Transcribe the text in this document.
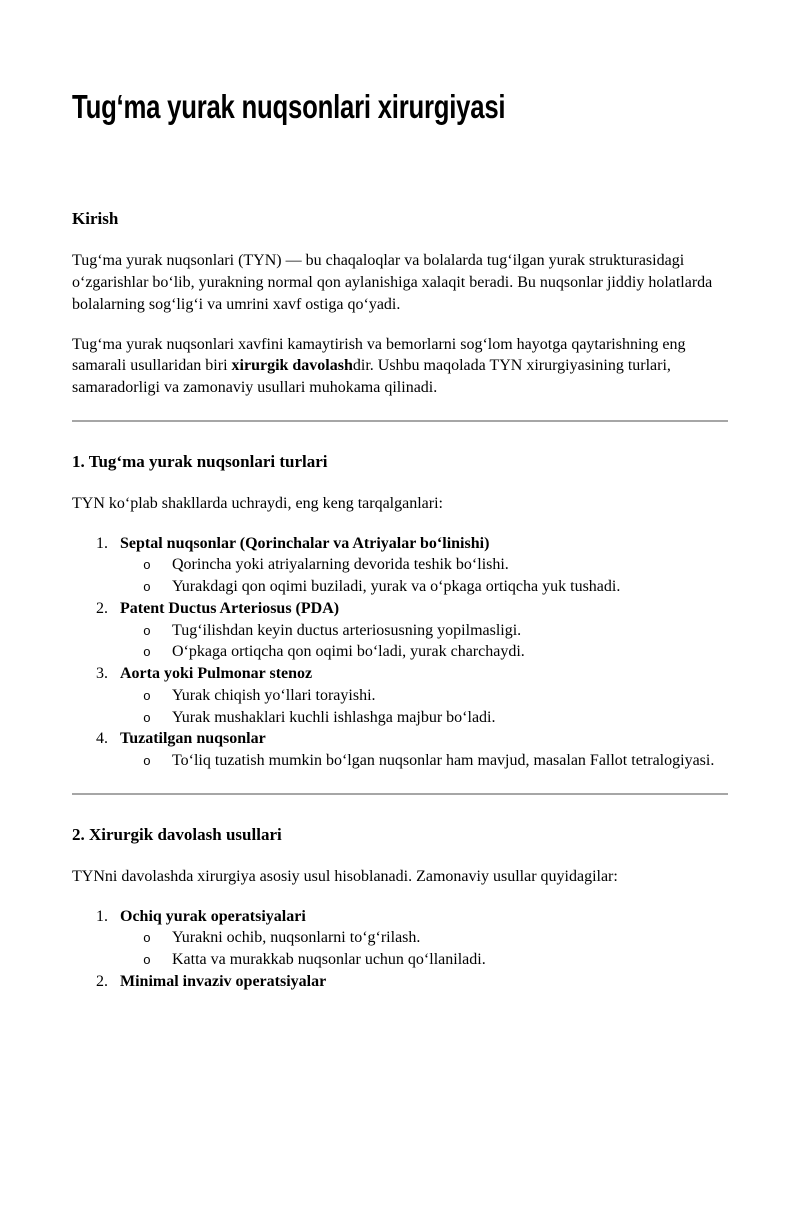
Tugʻma yurak nuqsonlari xirurgiyasi
Kirish

Tugʻma yurak nuqsonlari (TYN) — bu chaqaloqlar va bolalarda tugʻilgan yurak strukturasidagi oʻzgarishlar boʻlib, yurakning normal qon aylanishiga xalaqit beradi. Bu nuqsonlar jiddiy holatlarda bolalarning sogʻligʻi va umrini xavf ostiga qoʻyadi.

Tugʻma yurak nuqsonlari xavfini kamaytirish va bemorlarni sogʻlom hayotga qaytarishning eng samarali usullaridan biri xirurgik davolashdir. Ushbu maqolada TYN xirurgiyasining turlari, samaradorligi va zamonaviy usullari muhokama qilinadi.

1. Tugʻma yurak nuqsonlari turlari

TYN koʻplab shakllarda uchraydi, eng keng tarqalganlari:

1. Septal nuqsonlar (Qorinchalar va Atriyalar boʻlinishi)
o Qorincha yoki atriyalarning devorida teshik boʻlishi.
o Yurakdagi qon oqimi buziladi, yurak va oʻpkaga ortiqcha yuk tushadi.
2. Patent Ductus Arteriosus (PDA)
o Tugʻilishdan keyin ductus arteriosusning yopilmasligi.
o Oʻpkaga ortiqcha qon oqimi boʻladi, yurak charchaydi.
3. Aorta yoki Pulmonar stenoz
o Yurak chiqish yoʻllari torayishi.
o Yurak mushaklari kuchli ishlashga majbur boʻladi.
4. Tuzatilgan nuqsonlar
o Toʻliq tuzatish mumkin boʻlgan nuqsonlar ham mavjud, masalan Fallot tetralogiyasi.
2. Xirurgik davolash usullari

TYNni davolashda xirurgiya asosiy usul hisoblanadi. Zamonaviy usullar quyidagilar:

1. Ochiq yurak operatsiyalari
o Yurakni ochib, nuqsonlarni toʻgʻrilash.
o Katta va murakkab nuqsonlar uchun qoʻllaniladi.
2. Minimal invaziv operatsiyalar
